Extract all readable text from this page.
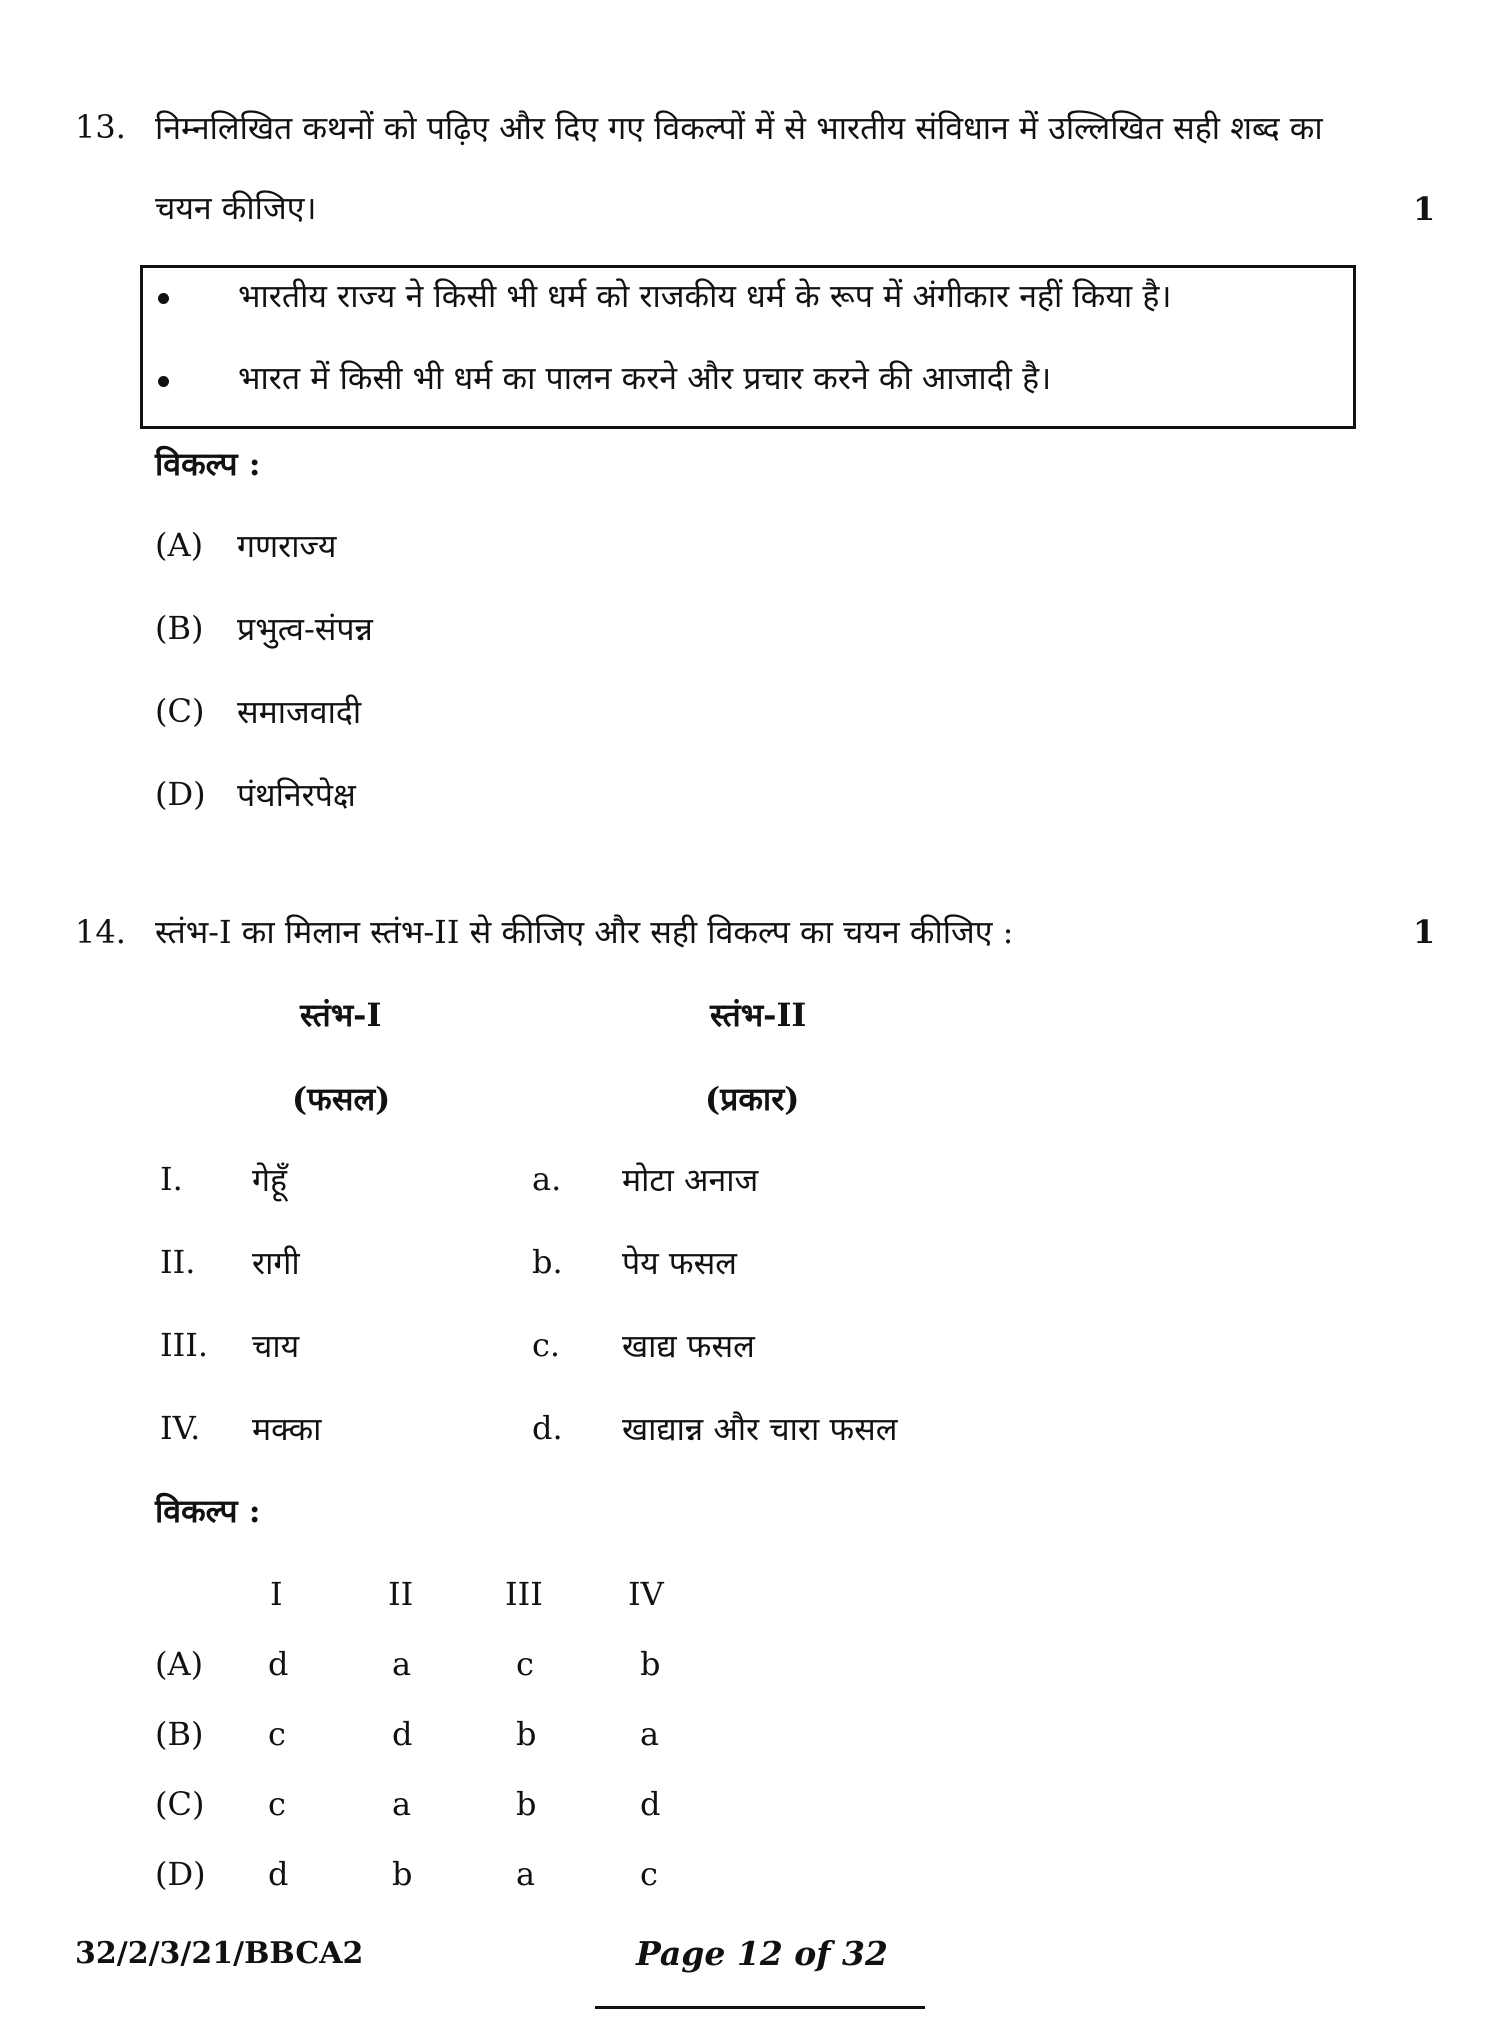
13. निम्नलिखित कथनों को पढ़िए और दिए गए विकल्पों में से भारतीय संविधान में उल्लिखित सही शब्द का
चयन कीजिए।	1
भारतीय राज्य ने किसी भी धर्म को राजकीय धर्म के रूप में अंगीकार नहीं किया है।
भारत में किसी भी धर्म का पालन करने और प्रचार करने की आजादी है।
विकल्प :
(A) गणराज्य
(B) प्रभुत्व-संपन्न
(C) समाजवादी
(D) पंथनिरपेक्ष
14. स्तंभ-I का मिलान स्तंभ-II से कीजिए और सही विकल्प का चयन कीजिए :	1
स्तंभ-I
(फसल)
स्तंभ-II
(प्रकार)
I. गेहूँ	a. मोटा अनाज
II. रागी	b. पेय फसल
III. चाय	c. खाद्य फसल
IV. मक्का	d. खाद्यान्न और चारा फसल
विकल्प :
I	II	III	IV
(A) d	a	c	b
(B) c	d	b	a
(C) c	a	b	d
(D) d	b	a	c
32/2/3/21/BBCA2	Page 12 of 32
